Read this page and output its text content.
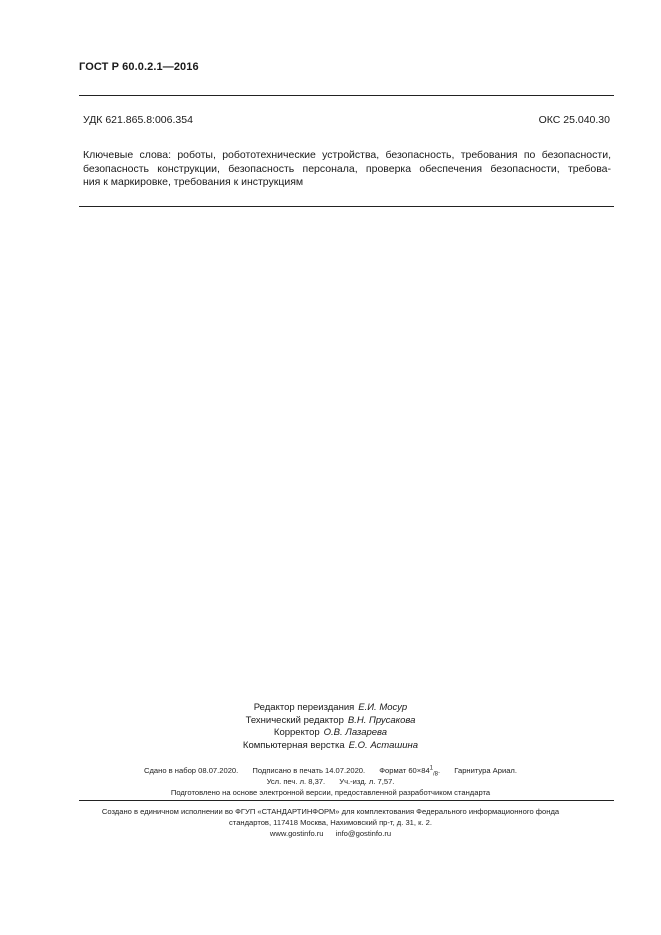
ГОСТ Р 60.0.2.1—2016
УДК 621.865.8:006.354	ОКС 25.040.30
Ключевые слова: роботы, робототехнические устройства, безопасность, требования по безопасности,
безопасность конструкции, безопасность персонала, проверка обеспечения безопасности, требова-
ния к маркировке, требования к инструкциям
Редактор переиздания Е.И. Мосур
Технический редактор В.Н. Прусакова
Корректор О.В. Лазарева
Компьютерная верстка Е.О. Асташина
Сдано в набор 08.07.2020. Подписано в печать 14.07.2020. Формат $60\times 84^1_{/8}$. Гарнитура Ариал.
Усл. печ. л. 8,37. Уч.-изд. л. 7,57.
Подготовлено на основе электронной версии, предоставленной разработчиком стандарта
Создано в единичном исполнении во ФГУП «СТАНДАРТИНФОРМ» для комплектования Федерального информационного фонда
стандартов, 117418 Москва, Нахимовский пр-т, д. 31, к. 2.
www.gostinfo.ru info@gostinfo.ru
